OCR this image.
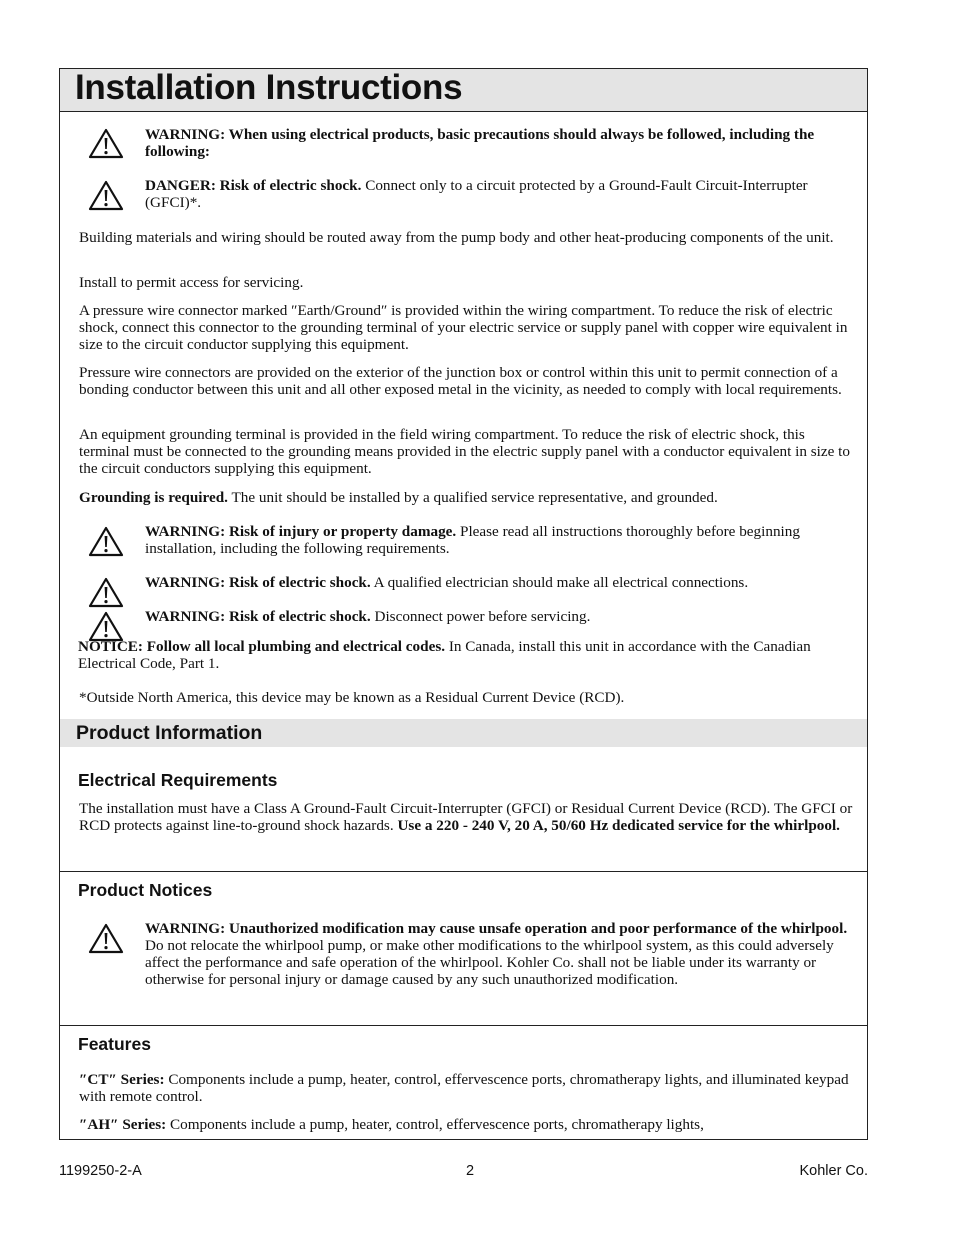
Installation Instructions

WARNING: When using electrical products, basic precautions should always be followed, including the following:

DANGER: Risk of electric shock. Connect only to a circuit protected by a Ground-Fault Circuit-Interrupter (GFCI)*.

Building materials and wiring should be routed away from the pump body and other heat-producing components of the unit.

Install to permit access for servicing.

A pressure wire connector marked ″Earth/Ground″ is provided within the wiring compartment. To reduce the risk of electric shock, connect this connector to the grounding terminal of your electric service or supply panel with copper wire equivalent in size to the circuit conductor supplying this equipment.

Pressure wire connectors are provided on the exterior of the junction box or control within this unit to permit connection of a bonding conductor between this unit and all other exposed metal in the vicinity, as needed to comply with local requirements.

An equipment grounding terminal is provided in the field wiring compartment. To reduce the risk of electric shock, this terminal must be connected to the grounding means provided in the electric supply panel with a conductor equivalent in size to the circuit conductors supplying this equipment.

Grounding is required. The unit should be installed by a qualified service representative, and grounded.

WARNING: Risk of injury or property damage. Please read all instructions thoroughly before beginning installation, including the following requirements.

WARNING: Risk of electric shock. A qualified electrician should make all electrical connections.

WARNING: Risk of electric shock. Disconnect power before servicing.

NOTICE: Follow all local plumbing and electrical codes. In Canada, install this unit in accordance with the Canadian Electrical Code, Part 1.

*Outside North America, this device may be known as a Residual Current Device (RCD).

Product Information
Electrical Requirements

The installation must have a Class A Ground-Fault Circuit-Interrupter (GFCI) or Residual Current Device (RCD). The GFCI or RCD protects against line-to-ground shock hazards. Use a 220 - 240 V, 20 A, 50/60 Hz dedicated service for the whirlpool.

Product Notices

WARNING: Unauthorized modification may cause unsafe operation and poor performance of the whirlpool. Do not relocate the whirlpool pump, or make other modifications to the whirlpool system, as this could adversely affect the performance and safe operation of the whirlpool. Kohler Co. shall not be liable under its warranty or otherwise for personal injury or damage caused by any such unauthorized modification.

Features

″CT″ Series: Components include a pump, heater, control, effervescence ports, chromatherapy lights, and illuminated keypad with remote control.

″AH″ Series: Components include a pump, heater, control, effervescence ports, chromatherapy lights,

1199250-2-A	2	Kohler Co.
